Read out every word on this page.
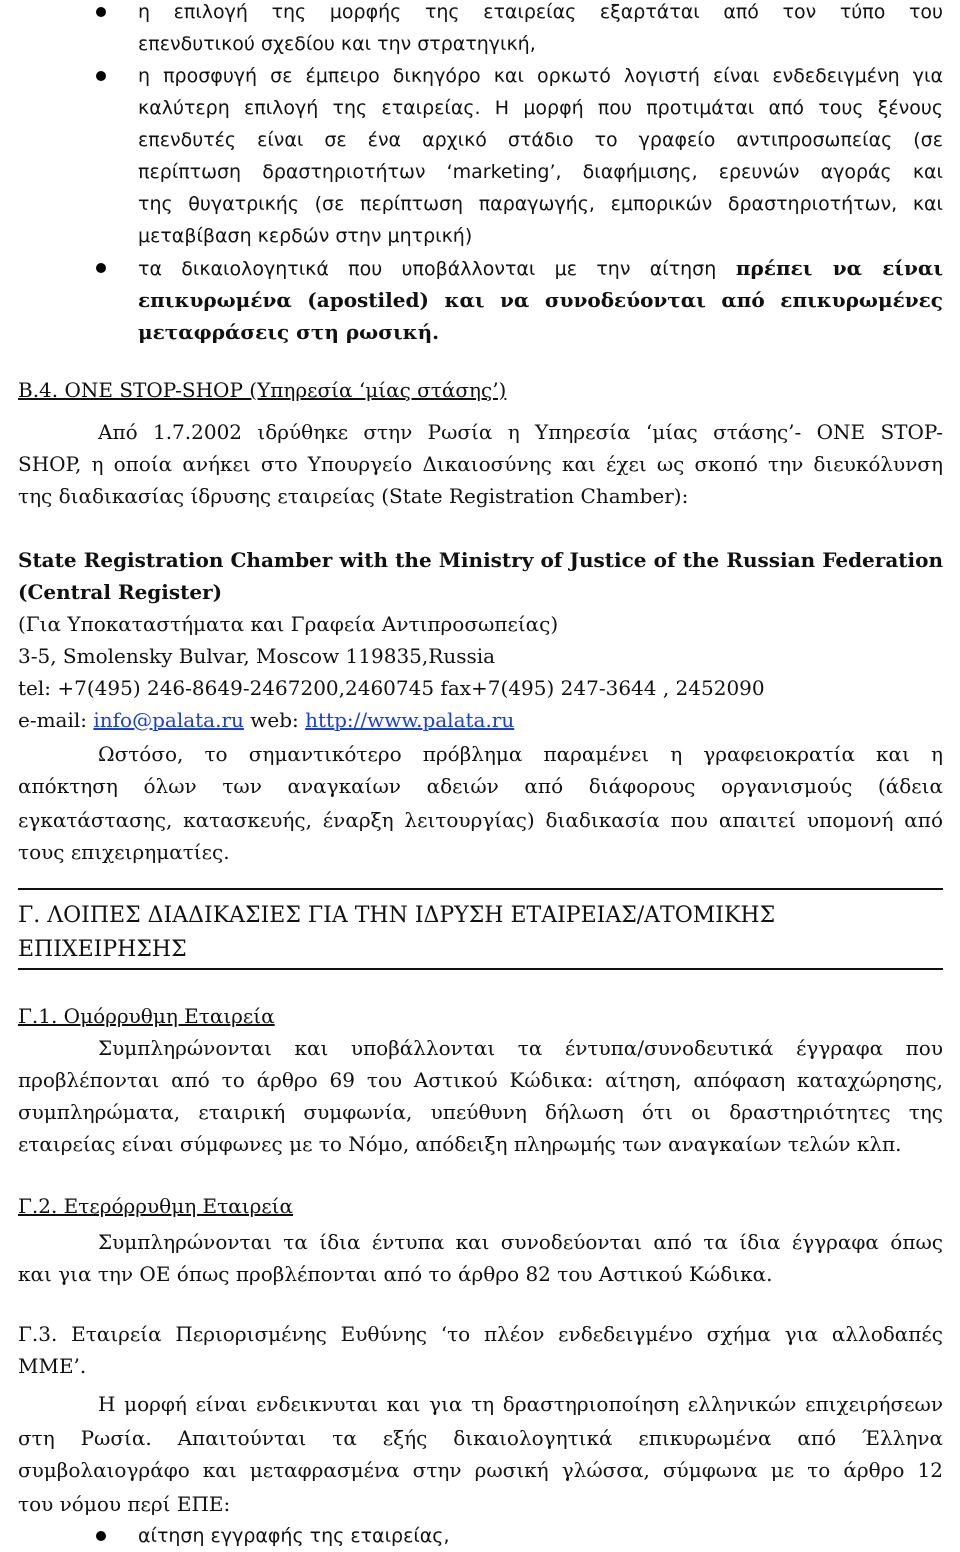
η επιλογή της μορφής της εταιρείας εξαρτάται από τον τύπο του
επενδυτικού σχεδίου και την στρατηγική,
η προσφυγή σε έμπειρο δικηγόρο και ορκωτό λογιστή είναι ενδεδειγμένη για
καλύτερη επιλογή της εταιρείας. Η μορφή που προτιμάται από τους ξένους
επενδυτές είναι σε ένα αρχικό στάδιο το γραφείο αντιπροσωπείας (σε
περίπτωση δραστηριοτήτων ‘marketing’, διαφήμισης, ερευνών αγοράς και
της θυγατρικής (σε περίπτωση παραγωγής, εμπορικών δραστηριοτήτων, και
μεταβίβαση κερδών στην μητρική)
τα δικαιολογητικά που υποβάλλονται με την αίτηση πρέπει να είναι
επικυρωμένα (apostiled) και να συνοδεύονται από επικυρωμένες
μεταφράσεις στη ρωσική.
Β.4. ONE STOP-SHOP (Υπηρεσία ‘μίας στάσης’)
Από 1.7.2002 ιδρύθηκε στην Ρωσία η Υπηρεσία ‘μίας στάσης’- ONE STOP-
SHOP, η οποία ανήκει στο Υπουργείο Δικαιοσύνης και έχει ως σκοπό την διευκόλυνση
της διαδικασίας ίδρυσης εταιρείας (State Registration Chamber):
State Registration Chamber with the Ministry of Justice of the Russian Federation
(Central Register)
(Για Υποκαταστήματα και Γραφεία Αντιπροσωπείας)
3-5, Smolensky Bulvar, Moscow 119835,Russia
tel: +7(495) 246-8649-2467200,2460745 fax+7(495) 247-3644 , 2452090
e-mail: info@palata.ru web: http://www.palata.ru
Ωστόσο, το σημαντικότερο πρόβλημα παραμένει η γραφειοκρατία και η
απόκτηση όλων των αναγκαίων αδειών από διάφορους οργανισμούς (άδεια
εγκατάστασης, κατασκευής, έναρξη λειτουργίας) διαδικασία που απαιτεί υπομονή από
τους επιχειρηματίες.
Γ. ΛΟΙΠΕΣ ΔΙΑΔΙΚΑΣΙΕΣ ΓΙΑ ΤΗΝ ΙΔΡΥΣΗ ΕΤΑΙΡΕΙΑΣ/ΑΤΟΜΙΚΗΣ
ΕΠΙΧΕΙΡΗΣΗΣ
Γ.1. Ομόρρυθμη Εταιρεία
Συμπληρώνονται και υποβάλλονται τα έντυπα/συνοδευτικά έγγραφα που
προβλέπονται από το άρθρο 69 του Αστικού Κώδικα: αίτηση, απόφαση καταχώρησης,
συμπληρώματα, εταιρική συμφωνία, υπεύθυνη δήλωση ότι οι δραστηριότητες της
εταιρείας είναι σύμφωνες με το Νόμο, απόδειξη πληρωμής των αναγκαίων τελών κλπ.
Γ.2. Ετερόρρυθμη Εταιρεία
Συμπληρώνονται τα ίδια έντυπα και συνοδεύονται από τα ίδια έγγραφα όπως
και για την ΟΕ όπως προβλέπονται από το άρθρο 82 του Αστικού Κώδικα.
Γ.3. Εταιρεία Περιορισμένης Ευθύνης ‘το πλέον ενδεδειγμένο σχήμα για αλλοδαπές
ΜΜΕ’.
Η μορφή είναι ενδεικνυται και για τη δραστηριοποίηση ελληνικών επιχειρήσεων
στη Ρωσία. Απαιτούνται τα εξής δικαιολογητικά επικυρωμένα από Έλληνα
συμβολαιογράφο και μεταφρασμένα στην ρωσική γλώσσα, σύμφωνα με το άρθρο 12
του νόμου περί ΕΠΕ:
αίτηση εγγραφής της εταιρείας,
